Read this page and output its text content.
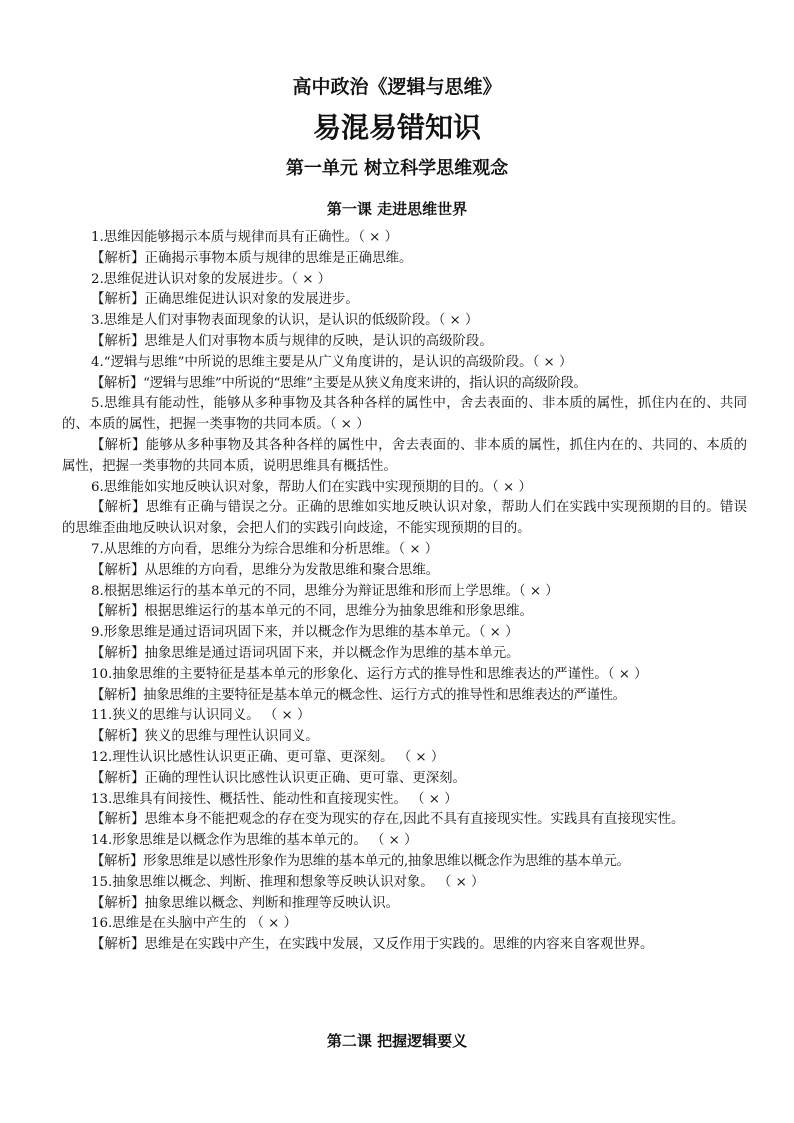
高中政治《逻辑与思维》
易混易错知识
第一单元 树立科学思维观念
第一课 走进思维世界

1.思维因能够揭示本质与规律而具有正确性。（ × ）

【解析】正确揭示事物本质与规律的思维是正确思维。

2.思维促进认识对象的发展进步。（ × ）

【解析】正确思维促进认识对象的发展进步。

3.思维是人们对事物表面现象的认识，是认识的低级阶段。（ × ）

【解析】思维是人们对事物本质与规律的反映，是认识的高级阶段。

4.“逻辑与思维”中所说的思维主要是从广义角度讲的，是认识的高级阶段。（ × ）

【解析】“逻辑与思维”中所说的“思维”主要是从狭义角度来讲的，指认识的高级阶段。

5.思维具有能动性，能够从多种事物及其各种各样的属性中，舍去表面的、非本质的属性，抓住内在的、共同的、本质的属性，把握一类事物的共同本质。（ × ）

【解析】能够从多种事物及其各种各样的属性中，舍去表面的、非本质的属性，抓住内在的、共同的、本质的属性，把握一类事物的共同本质，说明思维具有概括性。

6.思维能如实地反映认识对象，帮助人们在实践中实现预期的目的。（ × ）

【解析】思维有正确与错误之分。正确的思维如实地反映认识对象，帮助人们在实践中实现预期的目的。错误的思维歪曲地反映认识对象，会把人们的实践引向歧途，不能实现预期的目的。

7.从思维的方向看，思维分为综合思维和分析思维。（ × ）

【解析】从思维的方向看，思维分为发散思维和聚合思维。

8.根据思维运行的基本单元的不同，思维分为辩证思维和形而上学思维。（ × ）

【解析】根据思维运行的基本单元的不同，思维分为抽象思维和形象思维。

9.形象思维是通过语词巩固下来，并以概念作为思维的基本单元。（ × ）

【解析】抽象思维是通过语词巩固下来，并以概念作为思维的基本单元。

10.抽象思维的主要特征是基本单元的形象化、运行方式的推导性和思维表达的严谨性。（ × ）

【解析】抽象思维的主要特征是基本单元的概念性、运行方式的推导性和思维表达的严谨性。

11.狭义的思维与认识同义。 （ × ）

【解析】狭义的思维与理性认识同义。

12.理性认识比感性认识更正确、更可靠、更深刻。 （ × ）

【解析】正确的理性认识比感性认识更正确、更可靠、更深刻。

13.思维具有间接性、概括性、能动性和直接现实性。 （ × ）

【解析】思维本身不能把观念的存在变为现实的存在,因此不具有直接现实性。实践具有直接现实性。

14.形象思维是以概念作为思维的基本单元的。 （ × ）

【解析】形象思维是以感性形象作为思维的基本单元的,抽象思维以概念作为思维的基本单元。

15.抽象思维以概念、判断、推理和想象等反映认识对象。 （ × ）

【解析】抽象思维以概念、判断和推理等反映认识。

16.思维是在头脑中产生的 （ × ）

【解析】思维是在实践中产生，在实践中发展，又反作用于实践的。思维的内容来自客观世界。

第二课 把握逻辑要义
